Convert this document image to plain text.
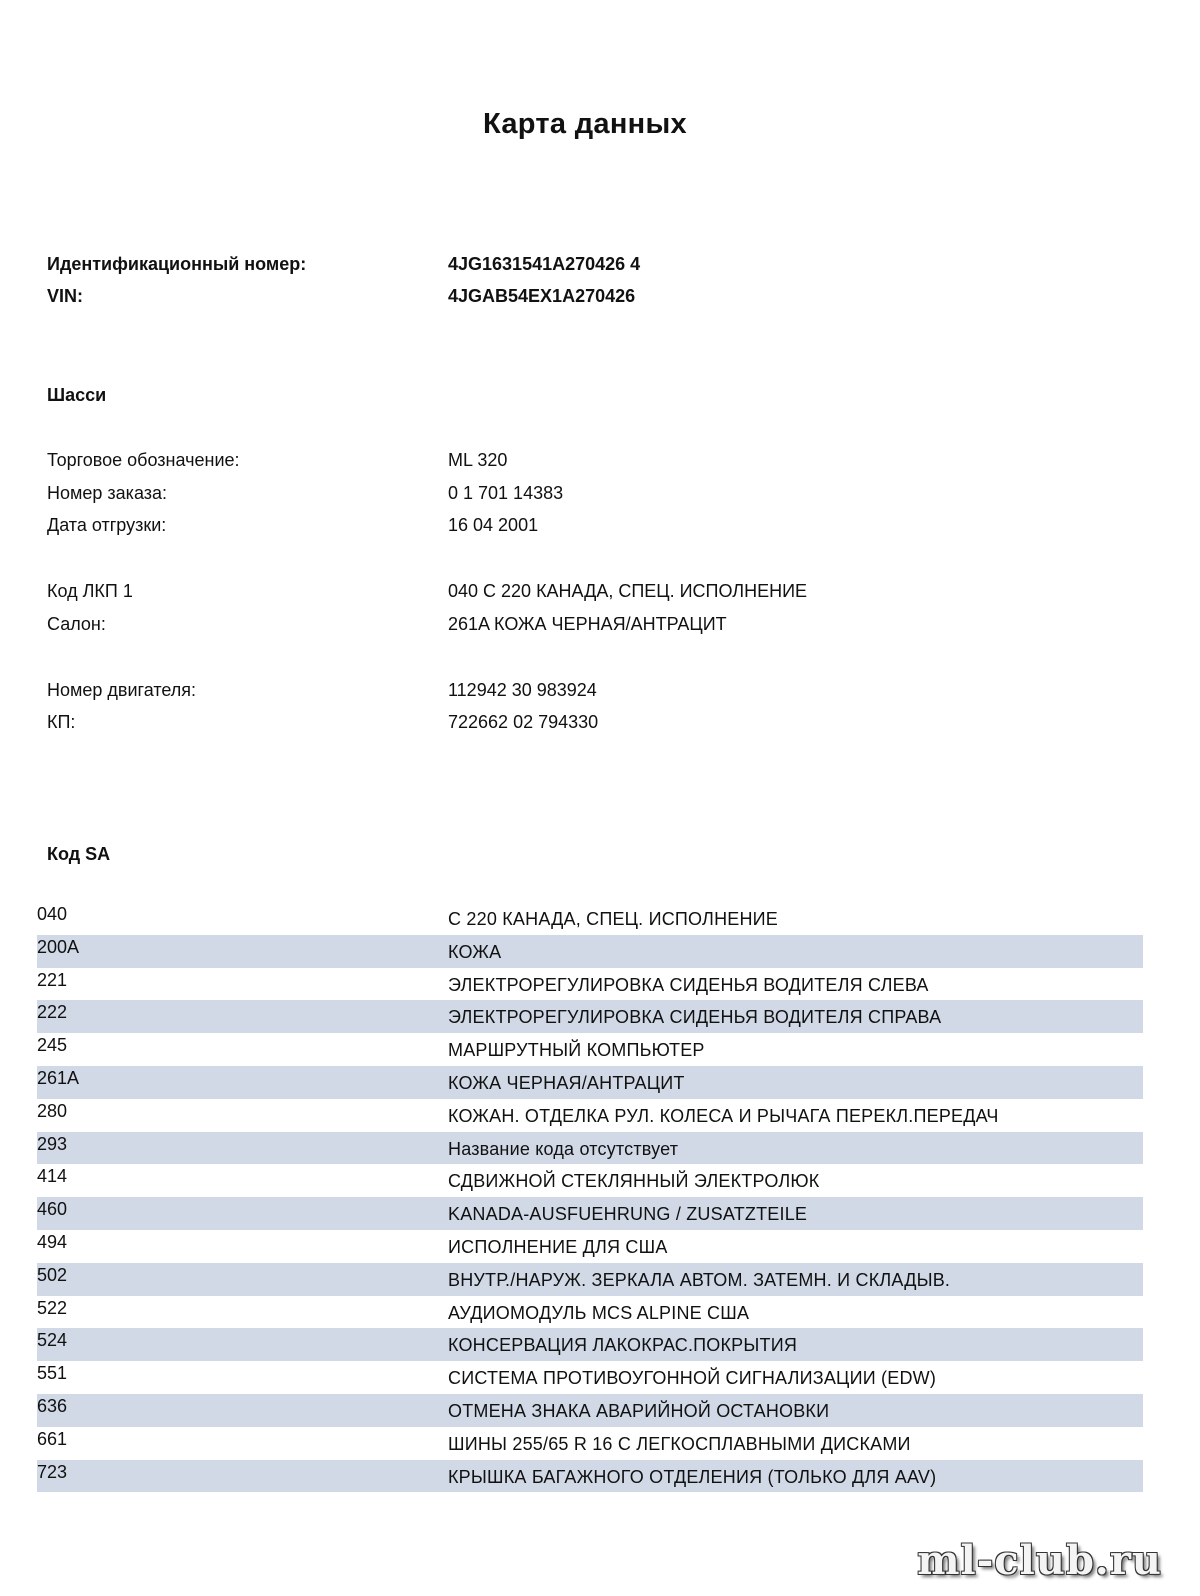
Карта данных
Идентификационный номер:	4JG1631541A270426 4
VIN:	4JGAB54EX1A270426
Шасси
Торговое обозначение:	ML 320
Номер заказа:	0 1 701 14383
Дата отгрузки:	16 04 2001
Код ЛКП 1	040 С 220 КАНАДА, СПЕЦ. ИСПОЛНЕНИЕ
Салон:	261A КОЖА ЧЕРНАЯ/АНТРАЦИТ
Номер двигателя:	112942 30 983924
КП:	722662 02 794330
Код SA
040	С 220 КАНАДА, СПЕЦ. ИСПОЛНЕНИЕ
200A	КОЖА
221	ЭЛЕКТРОРЕГУЛИРОВКА СИДЕНЬЯ ВОДИТЕЛЯ СЛЕВА
222	ЭЛЕКТРОРЕГУЛИРОВКА СИДЕНЬЯ ВОДИТЕЛЯ СПРАВА
245	МАРШРУТНЫЙ КОМПЬЮТЕР
261A	КОЖА ЧЕРНАЯ/АНТРАЦИТ
280	КОЖАН. ОТДЕЛКА РУЛ. КОЛЕСА И РЫЧАГА ПЕРЕКЛ.ПЕРЕДАЧ
293	Название кода отсутствует
414	СДВИЖНОЙ СТЕКЛЯННЫЙ ЭЛЕКТРОЛЮК
460	KANADA-AUSFUEHRUNG / ZUSATZTEILE
494	ИСПОЛНЕНИЕ ДЛЯ США
502	ВНУТР./НАРУЖ. ЗЕРКАЛА АВТОМ. ЗАТЕМН. И СКЛАДЫВ.
522	АУДИОМОДУЛЬ MCS ALPINE США
524	КОНСЕРВАЦИЯ ЛАКОКРАС.ПОКРЫТИЯ
551	СИСТЕМА ПРОТИВОУГОННОЙ СИГНАЛИЗАЦИИ (EDW)
636	ОТМЕНА ЗНАКА АВАРИЙНОЙ ОСТАНОВКИ
661	ШИНЫ 255/65 R 16 С ЛЕГКОСПЛАВНЫМИ ДИСКАМИ
723	КРЫШКА БАГАЖНОГО ОТДЕЛЕНИЯ (ТОЛЬКО ДЛЯ AAV)
ml-club.ru
